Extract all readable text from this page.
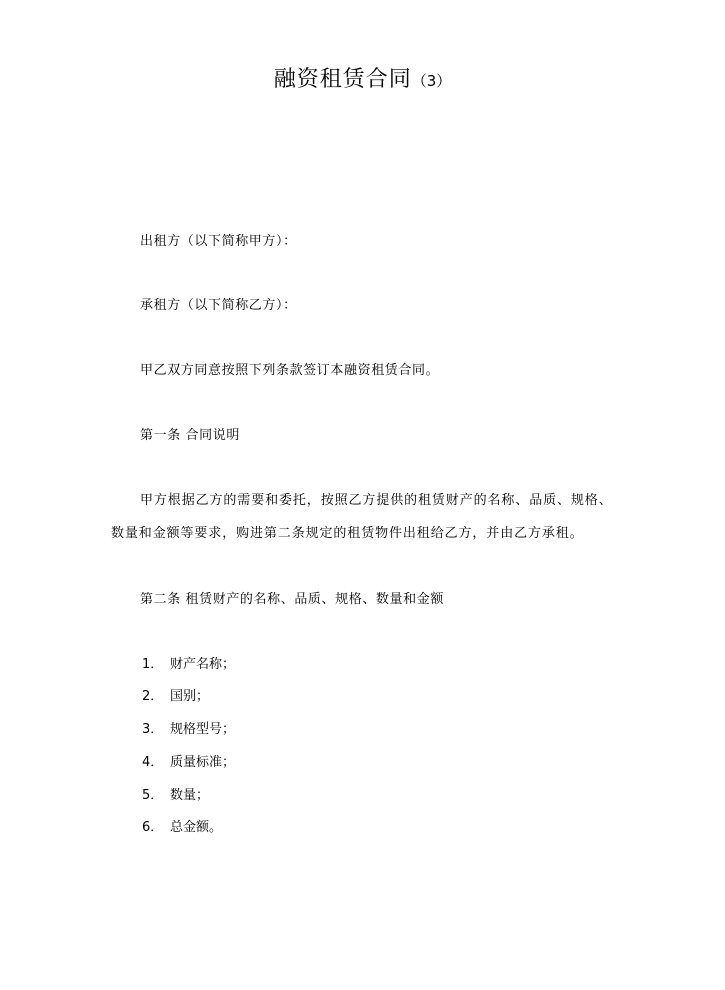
融资租赁合同（3）
出租方（以下简称甲方）：
承租方（以下简称乙方）：
甲乙双方同意按照下列条款签订本融资租赁合同。
第一条 合同说明
甲方根据乙方的需要和委托，按照乙方提供的租赁财产的名称、品质、规格、
数量和金额等要求，购进第二条规定的租赁物件出租给乙方，并由乙方承租。
第二条 租赁财产的名称、品质、规格、数量和金额
1． 财产名称；
2． 国别；
3． 规格型号；
4． 质量标准；
5． 数量；
6． 总金额。
